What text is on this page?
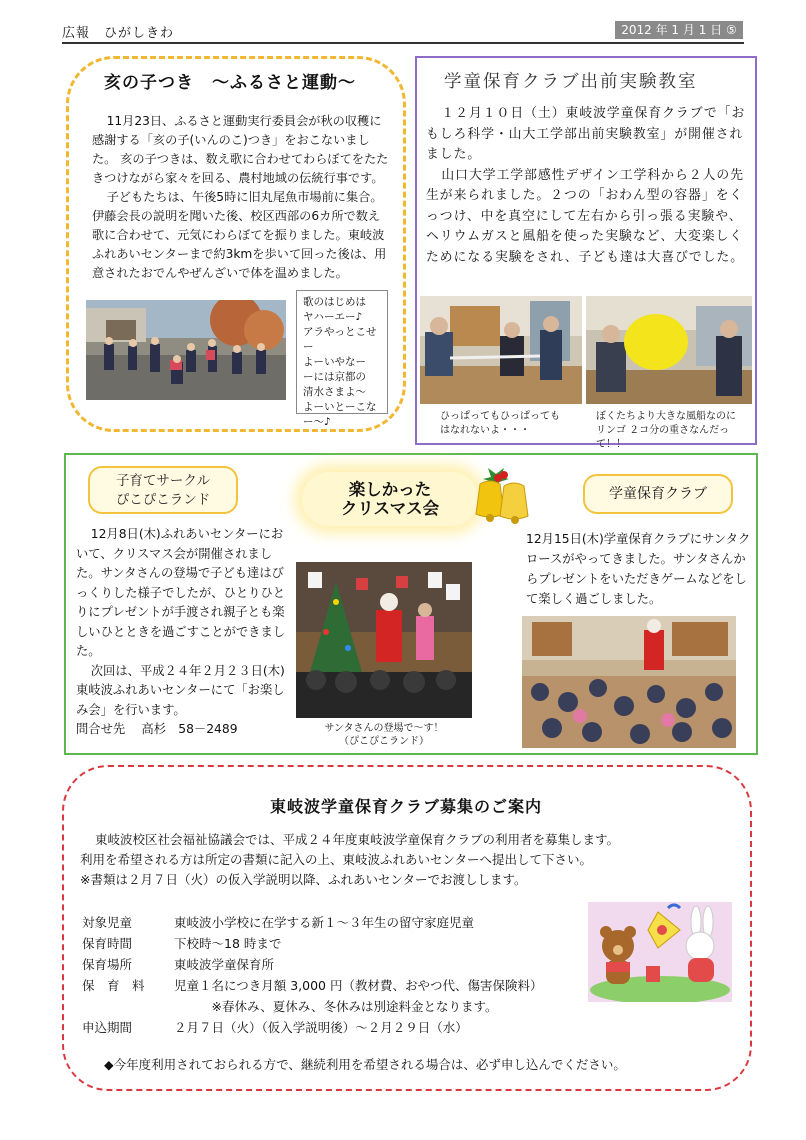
広報　ひがしきわ	2012 年 1 月 1 日 ⑤
亥の子つき　～ふるさと運動～

11月23日、ふるさと運動実行委員会が秋の収穫に感謝する「亥の子(いんのこ)つき」をおこないました。 亥の子つきは、数え歌に合わせてわらぼてをたたきつけながら家々を回る、農村地域の伝統行事です。

子どもたちは、午後5時に旧丸尾魚市場前に集合。伊藤会長の説明を聞いた後、校区西部の6カ所で数え歌に合わせて、元気にわらぼてを振りました。東岐波ふれあいセンターまで約3kmを歩いて回った後は、用意されたおでんやぜんざいで体を温めました。

歌のはじめは
ヤハーエー♪
アラやっとこせー
よーいやなー
ーには京都の
清水さまよ～
よーいとーこな
ー～♪
学童保育クラブ出前実験教室

１２月１０日（土）東岐波学童保育クラブで「おもしろ科学・山大工学部出前実験教室」が開催されました。

山口大学工学部感性デザイン工学科から２人の先生が来られました。２つの「おわん型の容器」をくっつけ、中を真空にして左右から引っ張る実験や、ヘリウムガスと風船を使った実験など、大変楽しくためになる実験をされ、子ども達は大喜びでした。

ひっぱってもひっぱっても
はなれないよ・・・
ぼくたちより大きな風船なのに
リンゴ ２コ分の重さなんだって！！
子育てサークル
ぴこぴこランド
楽しかった
クリスマス会
学童保育クラブ

12月8日(木)ふれあいセンターにおいて、クリスマス会が開催されました。サンタさんの登場で子ども達はびっくりした様子でしたが、ひとりひとりにプレゼントが手渡され親子とも楽しいひとときを過ごすことができました。

次回は、平成２４年２月２３日(木)東岐波ふれあいセンターにて「お楽しみ会」を行います。

問合せ先　 高杉　58－2489	サンタさんの登場で～す！
（ぴこぴこランド）
12月15日(木)学童保育クラブにサンタクロースがやってきました。サンタさんからプレゼントをいただきゲームなどをして楽しく過ごしました。
東岐波学童保育クラブ募集のご案内

東岐波校区社会福祉協議会では、平成２４年度東岐波学童保育クラブの利用者を募集します。

利用を希望される方は所定の書類に記入の上、東岐波ふれあいセンターへ提出して下さい。

※書類は２月７日（火）の仮入学説明以降、ふれあいセンターでお渡しします。

対象児童	東岐波小学校に在学する新１～３年生の留守家庭児童
保育時間	下校時～18 時まで
保育場所	東岐波学童保育所
保　育　料	児童１名につき月額 3,000 円（教材費、おやつ代、傷害保険料）
　　　※春休み、夏休み、冬休みは別途料金となります。
申込期間	２月７日（火）（仮入学説明後）～２月２９日（水）
◆今年度利用されておられる方で、継続利用を希望される場合は、必ず申し込んでください。
